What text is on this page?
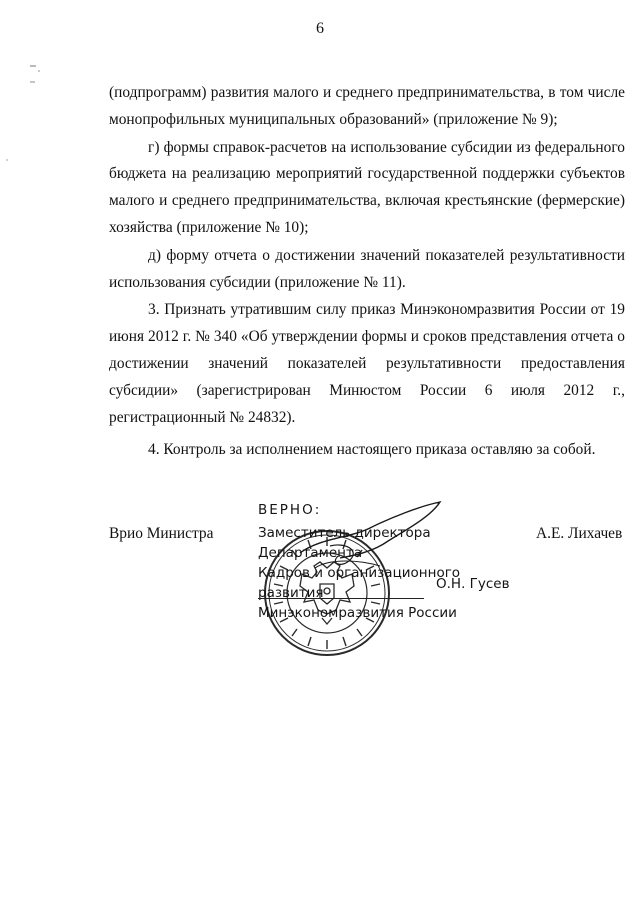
6

(подпрограмм) развития малого и среднего предпринимательства, в том числе монопрофильных муниципальных образований» (приложение № 9);

г) формы справок-расчетов на использование субсидии из федерального бюджета на реализацию мероприятий государственной поддержки субъектов малого и среднего предпринимательства, включая крестьянские (фермерские) хозяйства (приложение № 10);

д) форму отчета о достижении значений показателей результативности использования субсидии (приложение № 11).

3. Признать утратившим силу приказ Минэкономразвития России от 19 июня 2012 г. № 340 «Об утверждении формы и сроков представления отчета о достижении значений показателей результативности предоставления субсидии» (зарегистрирован Минюстом России 6 июля 2012 г., регистрационный № 24832).

4. Контроль за исполнением настоящего приказа оставляю за собой.

Врио Министра	А.Е. Лихачев
ВЕРНО:
Заместитель директора Департамента
Кадров и организационного развития
Минэкономразвития России
О.Н. Гусев
